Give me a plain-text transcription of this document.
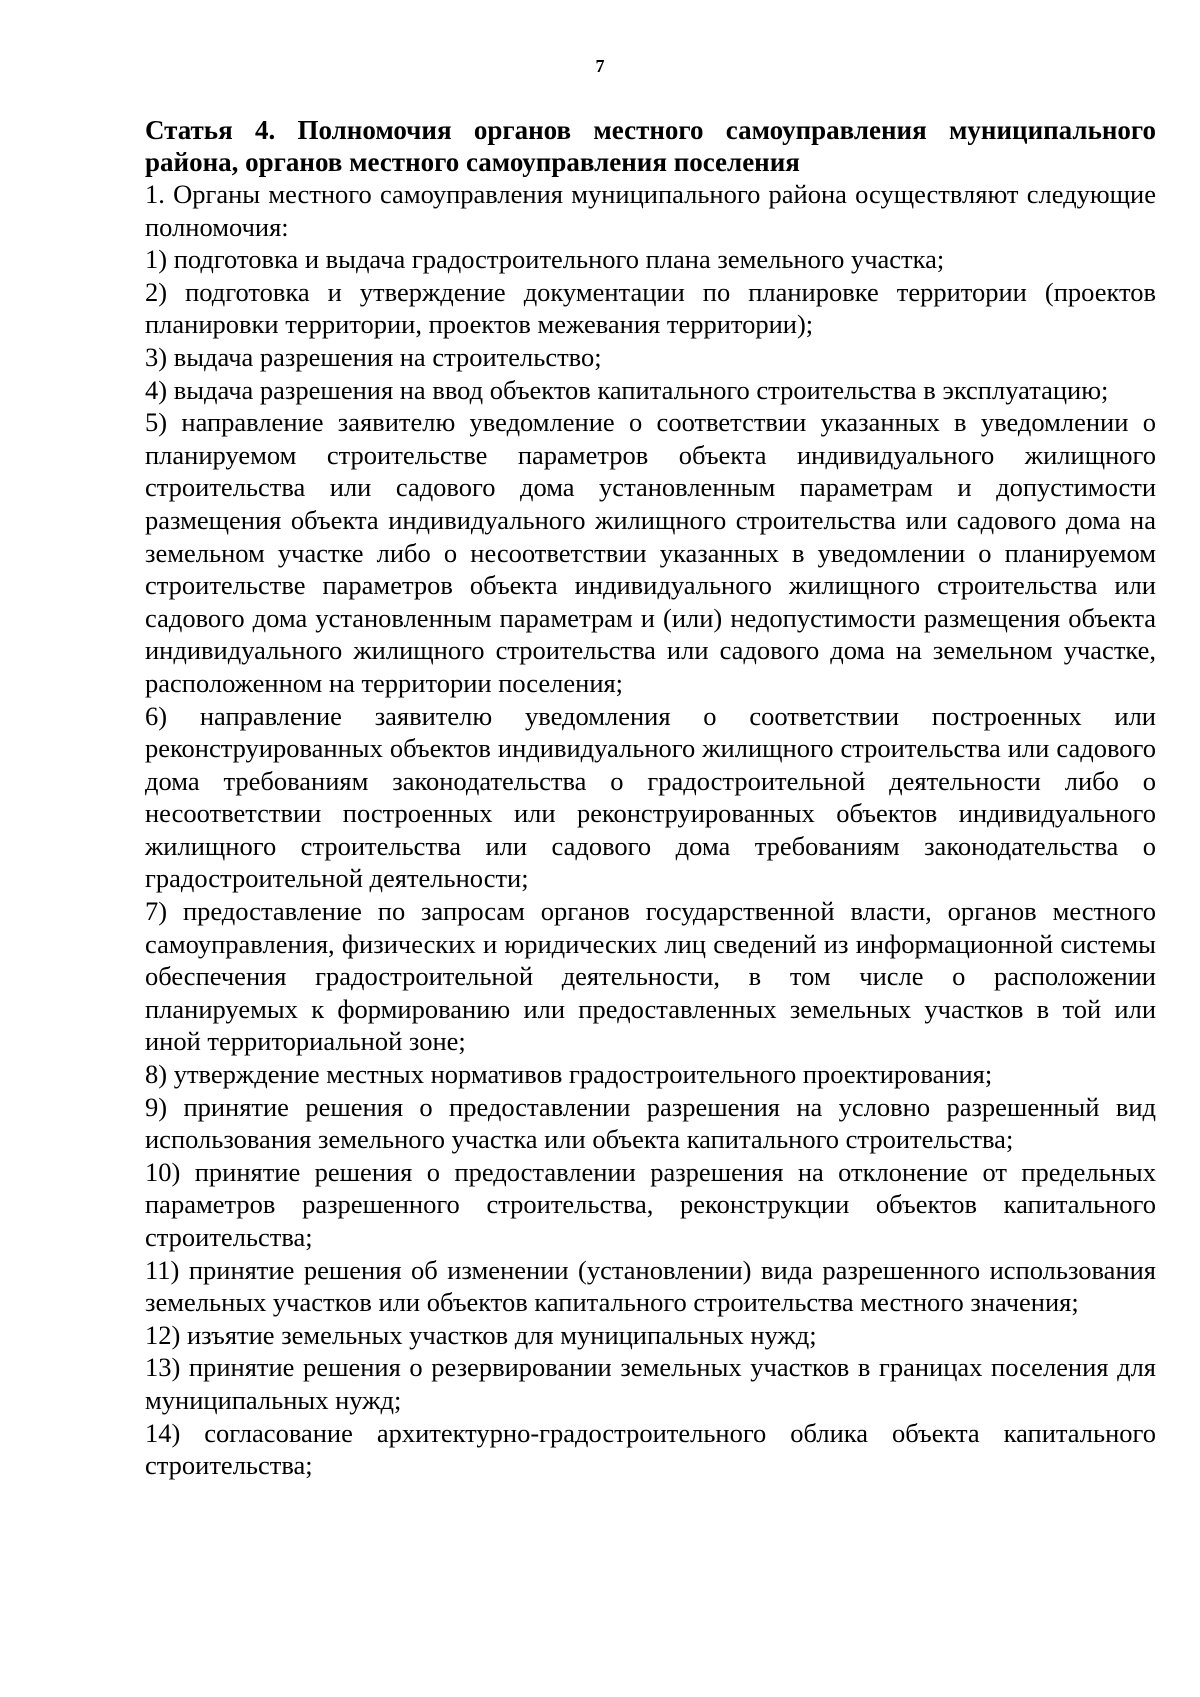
7

Статья 4. Полномочия органов местного самоуправления муниципального района, органов местного самоуправления поселения

1. Органы местного самоуправления муниципального района осуществляют следующие полномочия:

1) подготовка и выдача градостроительного плана земельного участка;

2) подготовка и утверждение документации по планировке территории (проектов планировки территории, проектов межевания территории);

3) выдача разрешения на строительство;

4) выдача разрешения на ввод объектов капитального строительства в эксплуатацию;

5) направление заявителю уведомление о соответствии указанных в уведомлении о планируемом строительстве параметров объекта индивидуального жилищного строительства или садового дома установленным параметрам и допустимости размещения объекта индивидуального жилищного строительства или садового дома на земельном участке либо о несоответствии указанных в уведомлении о планируемом строительстве параметров объекта индивидуального жилищного строительства или садового дома установленным параметрам и (или) недопустимости размещения объекта индивидуального жилищного строительства или садового дома на земельном участке, расположенном на территории поселения;

6) направление заявителю уведомления о соответствии построенных или реконструированных объектов индивидуального жилищного строительства или садового дома требованиям законодательства о градостроительной деятельности либо о несоответствии построенных или реконструированных объектов индивидуального жилищного строительства или садового дома требованиям законодательства о градостроительной деятельности;

7) предоставление по запросам органов государственной власти, органов местного самоуправления, физических и юридических лиц сведений из информационной системы обеспечения градостроительной деятельности, в том числе о расположении планируемых к формированию или предоставленных земельных участков в той или иной территориальной зоне;

8) утверждение местных нормативов градостроительного проектирования;

9) принятие решения о предоставлении разрешения на условно разрешенный вид использования земельного участка или объекта капитального строительства;

10) принятие решения о предоставлении разрешения на отклонение от предельных параметров разрешенного строительства, реконструкции объектов капитального строительства;

11) принятие решения об изменении (установлении) вида разрешенного использования земельных участков или объектов капитального строительства местного значения;

12) изъятие земельных участков для муниципальных нужд;

13) принятие решения о резервировании земельных участков в границах поселения для муниципальных нужд;

14) согласование архитектурно-градостроительного облика объекта капитального строительства;
